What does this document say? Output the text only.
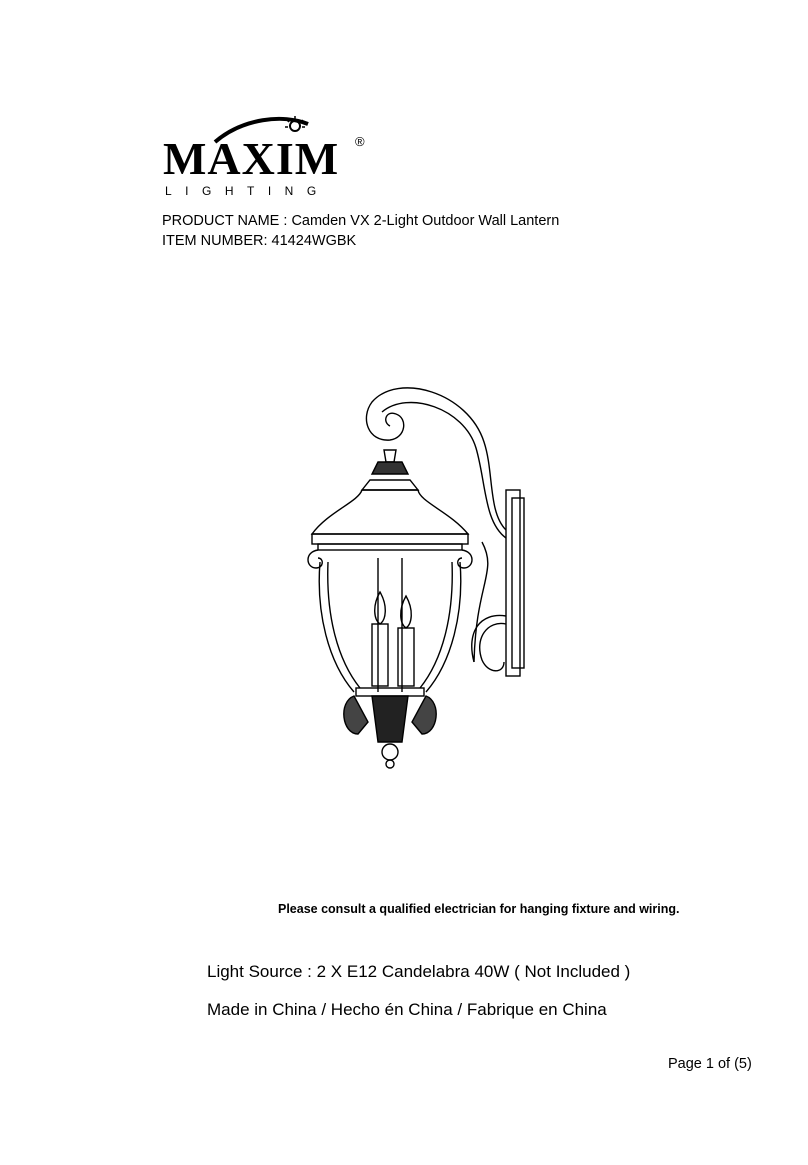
MAXIM ®
LIGHTING
PRODUCT NAME : Camden VX 2-Light Outdoor Wall Lantern
ITEM NUMBER: 41424WGBK
Please consult a qualified electrician for hanging fixture and wiring.
Light Source : 2 X E12 Candelabra 40W ( Not Included )
Made in China / Hecho én China / Fabrique en China
Page 1 of (5)
